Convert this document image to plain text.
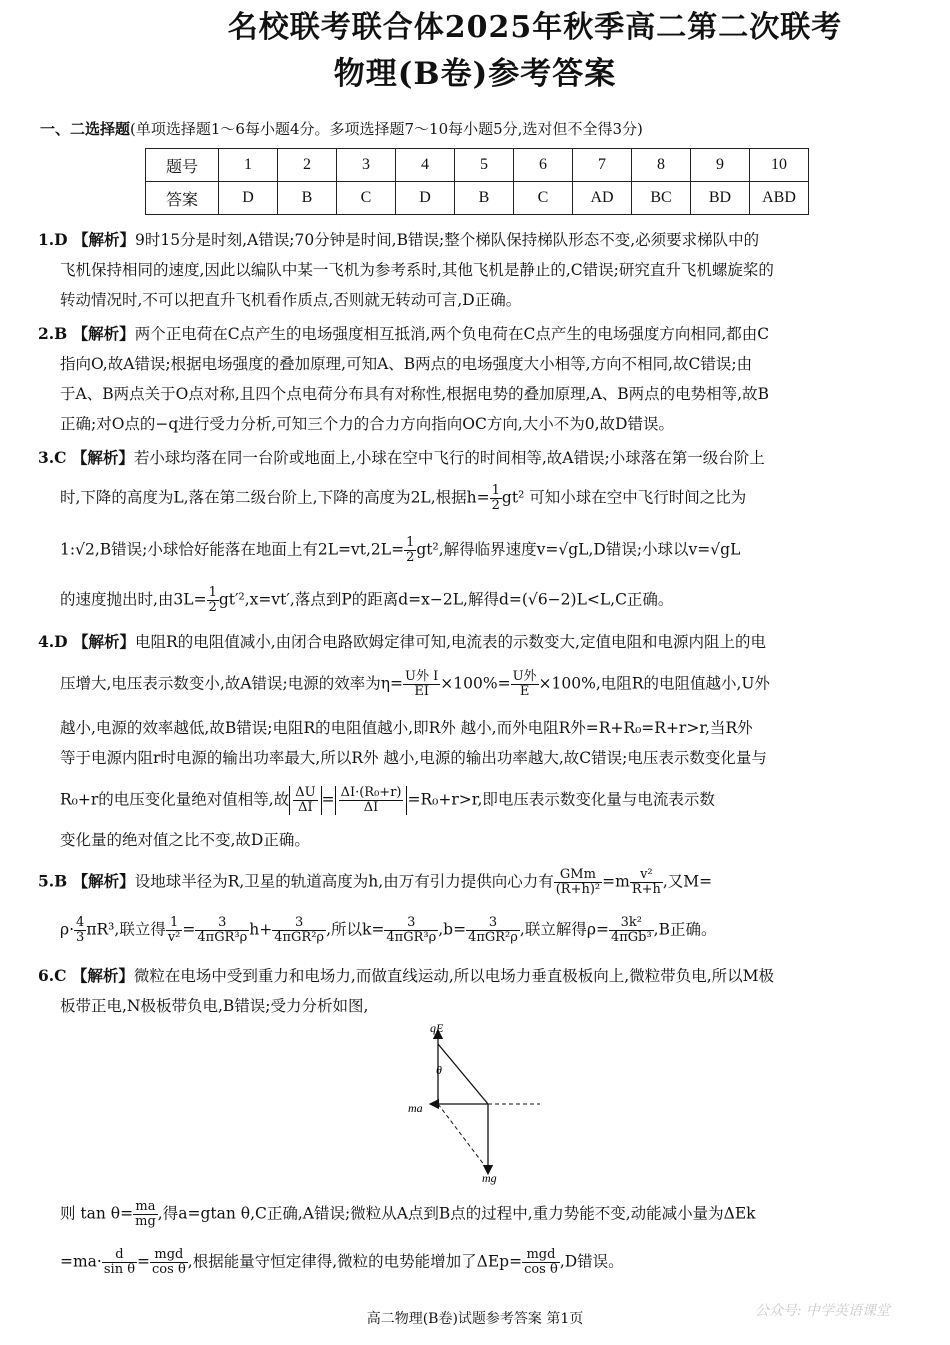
名校联考联合体2025年秋季高二第二次联考
物理(B卷)参考答案
一、二选择题(单项选择题1～6每小题4分。多项选择题7～10每小题5分,选对但不全得3分)
题号	1	2	3	4	5	6	7	8	9	10
答案	D	B	C	D	B	C	AD	BC	BD	ABD
1.D 【解析】9时15分是时刻,A错误;70分钟是时间,B错误;整个梯队保持梯队形态不变,必须要求梯队中的
飞机保持相同的速度,因此以编队中某一飞机为参考系时,其他飞机是静止的,C错误;研究直升飞机螺旋桨的
转动情况时,不可以把直升飞机看作质点,否则就无转动可言,D正确。
2.B 【解析】两个正电荷在C点产生的电场强度相互抵消,两个负电荷在C点产生的电场强度方向相同,都由C
指向O,故A错误;根据电场强度的叠加原理,可知A、B两点的电场强度大小相等,方向不相同,故C错误;由
于A、B两点关于O点对称,且四个点电荷分布具有对称性,根据电势的叠加原理,A、B两点的电势相等,故B
正确;对O点的−q进行受力分析,可知三个力的合力方向指向OC方向,大小不为0,故D错误。
3.C 【解析】若小球均落在同一台阶或地面上,小球在空中飞行的时间相等,故A错误;小球落在第一级台阶上
时,下降的高度为L,落在第二级台阶上,下降的高度为2L,根据$h= \frac{1}{2} gt^2$ 可知小球在空中飞行时间之比为
1:√2,B错误;小球恰好能落在地面上有$2L=vt,2L= \frac{1}{2} gt^2$,解得临界速度v=√gL,D错误;小球以v=√gL
的速度抛出时,由$3L= \frac{1}{2} gt'^2,x=vt'$,落点到P的距离d=x−2L,解得d=(√6−2)L<L,C正确。
4.D 【解析】电阻R的电阻值减小,由闭合电路欧姆定律可知,电流表的示数变大,定值电阻和电源内阻上的电
压增大,电压表示数变小,故A错误;电源的效率为$\eta= \frac{\text{U外 I}}{EI} \times 100\%= \frac{\text{U外}}{E} \times 100\%$,电阻R的电阻值越小,U外
越小,电源的效率越低,故B错误;电阻R的电阻值越小,即R外 越小,而外电阻R外=R+R₀=R+r>r,当R外
等于电源内阻r时电源的输出功率最大,所以R外 越小,电源的输出功率越大,故C错误;电压表示数变化量与
R₀+r的电压变化量绝对值相等,故 $\frac{\Delta U}{\Delta I} = \frac{\text{ΔI·(R₀+r)}}{\Delta I} =R_0+r>r$,即电压表示数变化量与电流表示数
变化量的绝对值之比不变,故D正确。
5.B 【解析】设地球半径为R,卫星的轨道高度为h,由万有引力提供向心力有 $\frac{\text{GMm}}{\text{(R+h)²}} =m \frac{\text{v²}}{R+h}$ ,又M=
$\rho\cdot \frac{4}{3} \pi R^3$,联立得 $\frac{1}{\text{v²}} = \frac{3}{\text{4πGR³ρ}} h+ \frac{3}{\text{4πGR²ρ}}$ ,所以$k= \frac{3}{\text{4πGR³ρ}} ,b= \frac{3}{\text{4πGR²ρ}}$ ,联立解得$\rho= \frac{\text{3k²}}{\text{4πGb³}} ,B$正确。
6.C 【解析】微粒在电场中受到重力和电场力,而做直线运动,所以电场力垂直极板向上,微粒带负电,所以M极
板带正电,N极板带负电,B错误;受力分析如图,
则 $\tan \theta= \frac{ma}{mg}$ ,得a=gtan θ,C正确,A错误;微粒从A点到B点的过程中,重力势能不变,动能减小量为ΔEk
$=ma\cdot \frac{d}{\text{sin θ}} = \frac{\text{mgd}}{\text{cos θ}}$ ,根据能量守恒定律得,微粒的电势能增加了$\Delta Ep= \frac{\text{mgd}}{\text{cos θ}} ,D$错误。
qE
θ
ma
mg
高二物理(B卷)试题参考答案 第1页	公众号: 中学英语课堂
